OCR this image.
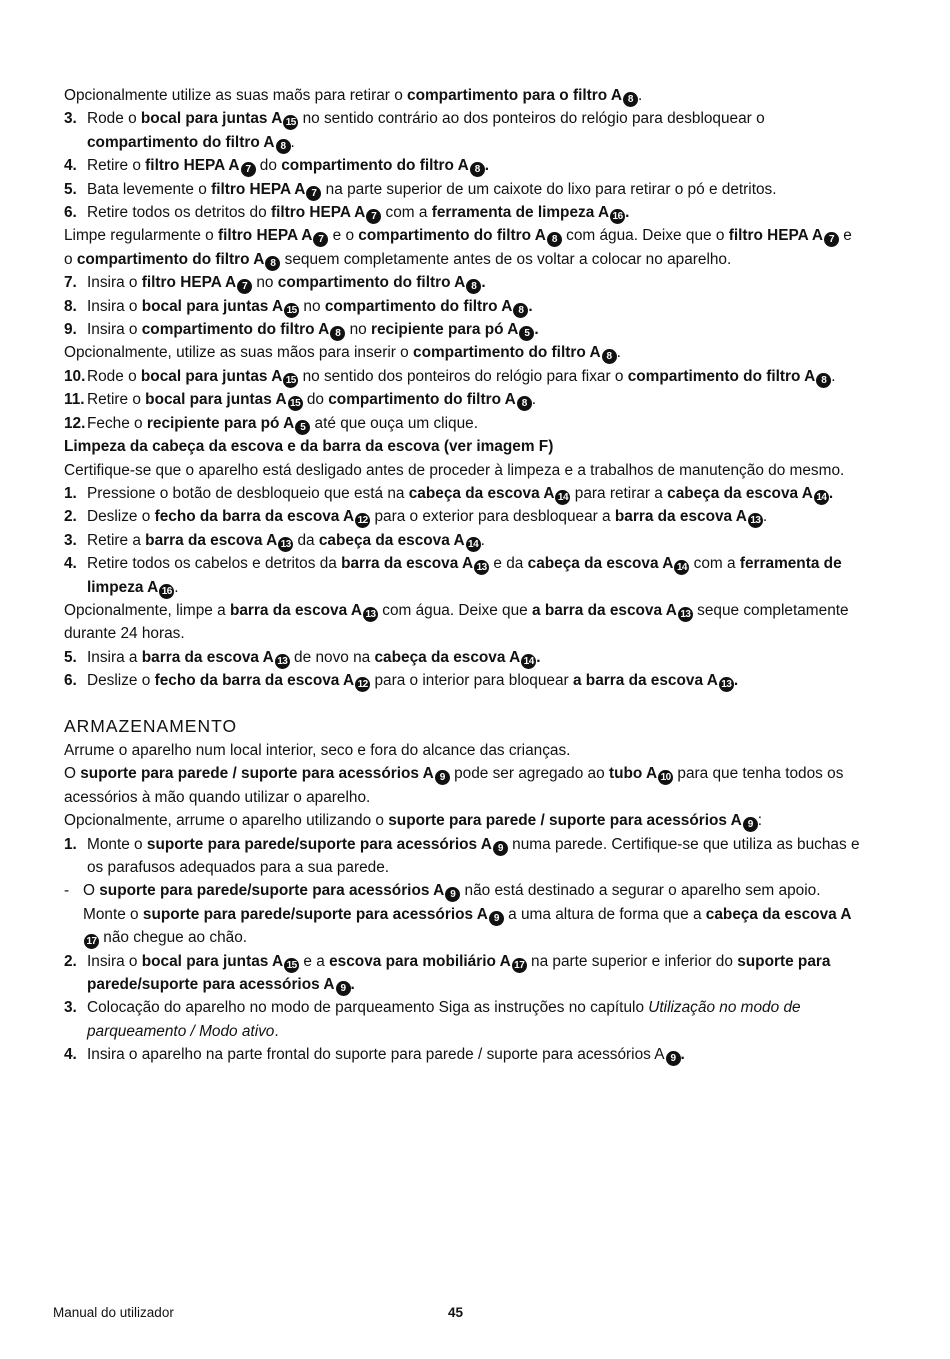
Opcionalmente utilize as suas maõs para retirar o compartimento para o filtro A 8 .

3. Rode o bocal para juntas A 15 no sentido contrário ao dos ponteiros do relógio para desbloquear o compartimento do filtro A 8 .
4. Retire o filtro HEPA A 7 do compartimento do filtro A 8 .
5. Bata levemente o filtro HEPA A 7 na parte superior de um caixote do lixo para retirar o pó e detritos.
6. Retire todos os detritos do filtro HEPA A 7 com a ferramenta de limpeza A 16 .

Limpe regularmente o filtro HEPA A 7 e o compartimento do filtro A 8 com água. Deixe que o filtro HEPA A 7 e o compartimento do filtro A 8 sequem completamente antes de os voltar a colocar no aparelho.

7. Insira o filtro HEPA A 7 no compartimento do filtro A 8 .
8. Insira o bocal para juntas A 15 no compartimento do filtro A 8 .
9. Insira o compartimento do filtro A 8 no recipiente para pó A 5 .

Opcionalmente, utilize as suas mãos para inserir o compartimento do filtro A 8 .

10. Rode o bocal para juntas A 15 no sentido dos ponteiros do relógio para fixar o compartimento do filtro A 8 .
11. Retire o bocal para juntas A 15 do compartimento do filtro A 8 .
12. Feche o recipiente para pó A 5 até que ouça um clique.

Limpeza da cabeça da escova e da barra da escova (ver imagem F)

Certifique-se que o aparelho está desligado antes de proceder à limpeza e a trabalhos de manutenção do mesmo.

1. Pressione o botão de desbloqueio que está na cabeça da escova A 14 para retirar a cabeça da escova A 14 .
2. Deslize o fecho da barra da escova A 12 para o exterior para desbloquear a barra da escova A 13 .
3. Retire a barra da escova A 13 da cabeça da escova A 14 .
4. Retire todos os cabelos e detritos da barra da escova A 13 e da cabeça da escova A 14 com a ferramenta de limpeza A 16 .

Opcionalmente, limpe a barra da escova A 13 com água. Deixe que a barra da escova A 13 seque completamente durante 24 horas.

5. Insira a barra da escova A 13 de novo na cabeça da escova A 14 .
6. Deslize o fecho da barra da escova A 12 para o interior para bloquear a barra da escova A 13 .

ARMAZENAMENTO

Arrume o aparelho num local interior, seco e fora do alcance das crianças.

O suporte para parede / suporte para acessórios A 9 pode ser agregado ao tubo A 10 para que tenha todos os acessórios à mão quando utilizar o aparelho.

Opcionalmente, arrume o aparelho utilizando o suporte para parede / suporte para acessórios A 9 :

1. Monte o suporte para parede/suporte para acessórios A 9 numa parede. Certifique-se que utiliza as buchas e os parafusos adequados para a sua parede.
- O suporte para parede/suporte para acessórios A 9 não está destinado a segurar o aparelho sem apoio. Monte o suporte para parede/suporte para acessórios A 9 a uma altura de forma que a cabeça da escova A17 não chegue ao chão.
2. Insira o bocal para juntas A 15 e a escova para mobiliário A 17 na parte superior e inferior do suporte para parede/suporte para acessórios A 9 .
3. Colocação do aparelho no modo de parqueamento Siga as instruções no capítulo Utilização no modo de parqueamento / Modo ativo.
4. Insira o aparelho na parte frontal do suporte para parede / suporte para acessórios A 9 .
Manual do utilizador	45
